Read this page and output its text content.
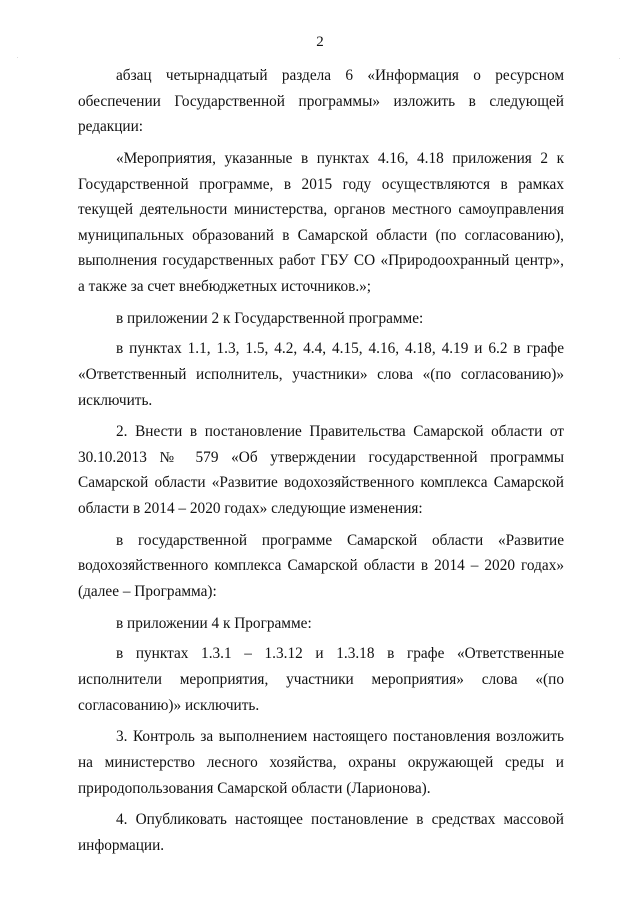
2

абзац четырнадцатый раздела 6 «Информация о ресурсном обеспечении Государственной программы» изложить в следующей редакции:

«Мероприятия, указанные в пунктах 4.16, 4.18 приложения 2 к Государственной программе, в 2015 году осуществляются в рамках текущей деятельности министерства, органов местного самоуправления муниципальных образований в Самарской области (по согласованию), выполнения государственных работ ГБУ СО «Природоохранный центр», а также за счет внебюджетных источников.»;

в приложении 2 к Государственной программе:

в пунктах 1.1, 1.3, 1.5, 4.2, 4.4, 4.15, 4.16, 4.18, 4.19 и 6.2 в графе «Ответственный исполнитель, участники» слова «(по согласованию)» исключить.

2. Внести в постановление Правительства Самарской области от 30.10.2013 № 579 «Об утверждении государственной программы Самарской области «Развитие водохозяйственного комплекса Самарской области в 2014 – 2020 годах» следующие изменения:

в государственной программе Самарской области «Развитие водохозяйственного комплекса Самарской области в 2014 – 2020 годах» (далее – Программа):

в приложении 4 к Программе:

в пунктах 1.3.1 – 1.3.12 и 1.3.18 в графе «Ответственные исполнители мероприятия, участники мероприятия» слова «(по согласованию)» исключить.

3. Контроль за выполнением настоящего постановления возложить на министерство лесного хозяйства, охраны окружающей среды и природопользования Самарской области (Ларионова).

4. Опубликовать настоящее постановление в средствах массовой информации.
